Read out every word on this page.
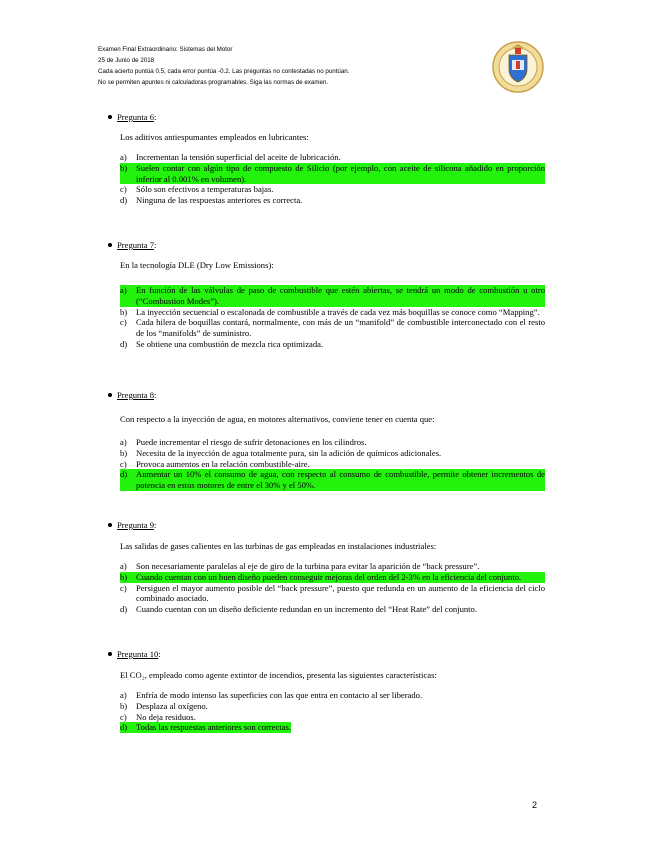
Examen Final Extraordinario: Sistemas del Motor
25 de Junio de 2018
Cada acierto puntúa 0.5, cada error puntúa -0.2. Las preguntas no contestadas no puntúan.
No se permiten apuntes ni calculadoras programables. Siga las normas de examen.
Pregunta 6 :
Los aditivos antiespumantes empleados en lubricantes:
a)	Incrementan la tensión superficial del aceite de lubricación.
b)	Suelen contar con algún tipo de compuesto de Silicio (por ejemplo, con aceite de silicona añadido en proporción inferior al 0.001% en volumen).
c)	Sólo son efectivos a temperaturas bajas.
d)	Ninguna de las respuestas anteriores es correcta.
Pregunta 7 :
En la tecnología DLE (Dry Low Emissions):
a)	En función de las válvulas de paso de combustible que estén abiertas, se tendrá un modo de combustión u otro (“Combustion Modes”).
b)	La inyección secuencial o escalonada de combustible a través de cada vez más boquillas se conoce como “Mapping”.
c)	Cada hilera de boquillas contará, normalmente, con más de un “manifold” de combustible interconectado con el resto de los “manifolds” de suministro.
d)	Se obtiene una combustión de mezcla rica optimizada.
Pregunta 8 :
Con respecto a la inyección de agua, en motores alternativos, conviene tener en cuenta que:
a)	Puede incrementar el riesgo de sufrir detonaciones en los cilindros.
b)	Necesita de la inyección de agua totalmente pura, sin la adición de químicos adicionales.
c)	Provoca aumentos en la relación combustible-aire.
d)	Aumentar un 10% el consumo de agua, con respecto al consumo de combustible, permite obtener incrementos de potencia en estos motores de entre el 30% y el 50%.
Pregunta 9 :
Las salidas de gases calientes en las turbinas de gas empleadas en instalaciones industriales:
a)	Son necesariamente paralelas al eje de giro de la turbina para evitar la aparición de “back pressure”.
b)	Cuando cuentan con un buen diseño pueden conseguir mejoras del orden del 2-3% en la eficiencia del conjunto.
c)	Persiguen el mayor aumento posible del “back pressure”, puesto que redunda en un aumento de la eficiencia del ciclo combinado asociado.
d)	Cuando cuentan con un diseño deficiente redundan en un incremento del “Heat Rate” del conjunto.
Pregunta 10 :
El CO₂, empleado como agente extintor de incendios, presenta las siguientes características:
a)	Enfría de modo intenso las superficies con las que entra en contacto al ser liberado.
b)	Desplaza al oxígeno.
c)	No deja residuos.
d)	Todas las respuestas anteriores son correctas.
2
